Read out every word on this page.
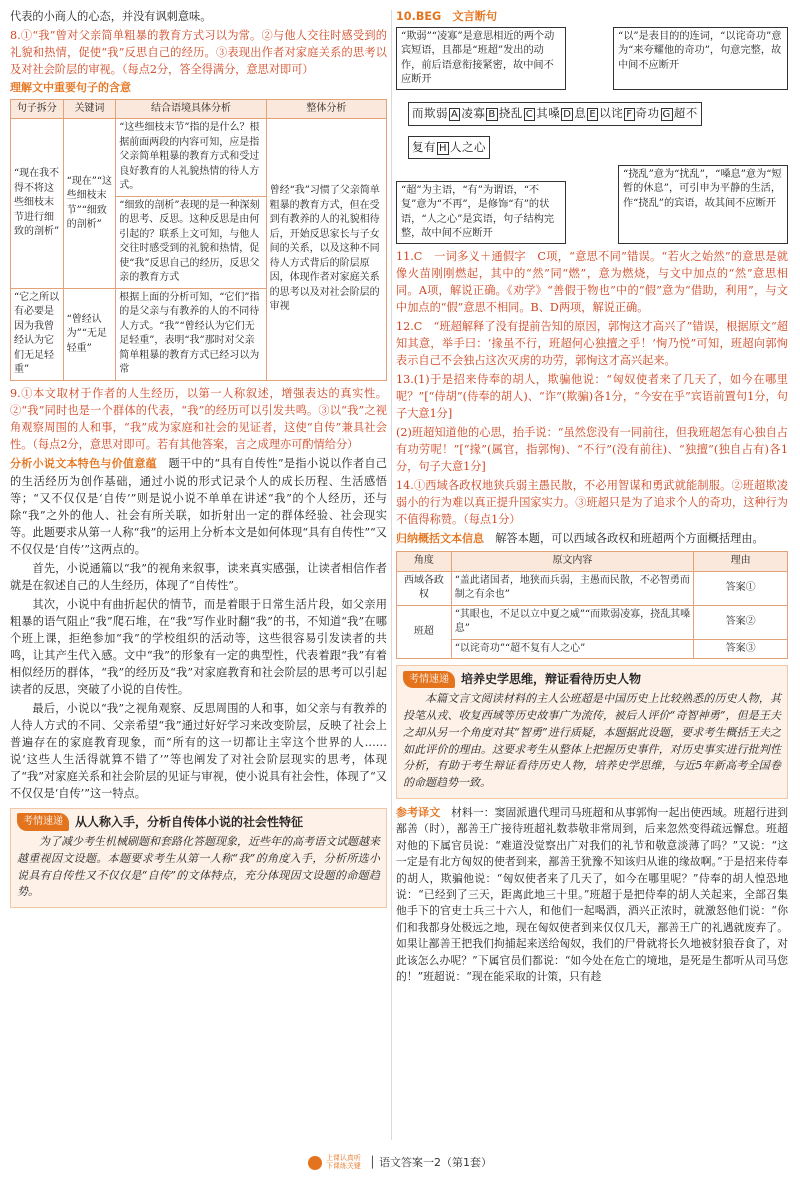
代表的小商人的心态，并没有讽刺意味。

8.①“我”曾对父亲简单粗暴的教育方式习以为常。②与他人交往时感受到的礼貌和热情，促使“我”反思自己的经历。③表现出作者对家庭关系的思考以及对社会阶层的审视。（每点2分，答全得满分，意思对即可）

理解文中重要句子的含意

句子拆分	关键词	结合语境具体分析	整体分析
“现在我不得不将这些细枝末节进行细致的剖析”	“现在”“这些细枝末节”“细致的剖析”	“这些细枝末节”指的是什么？根据前面两段的内容可知，应是指父亲简单粗暴的教育方式和受过良好教育的人礼貌热情的待人方式。	曾经“我”习惯了父亲简单粗暴的教育方式，但在受到有教养的人的礼貌相待后，开始反思家长与子女间的关系，以及这种不同待人方式背后的阶层原因，体现作者对家庭关系的思考以及对社会阶层的审视
		“细致的剖析”表现的是一种深刻的思考、反思。这种反思是由何引起的？联系上文可知，与他人交往时感受到的礼貌和热情，促使“我”反思自己的经历，反思父亲的教育方式	
“它之所以有必要是因为我曾经认为它们无足轻重”	“曾经认为”“无足轻重”	根据上面的分析可知，“它们”指的是父亲与有教养的人的不同待人方式。“我”“曾经认为它们无足轻重”，表明“我”那时对父亲简单粗暴的教育方式已经习以为常	

9.①本文取材于作者的人生经历，以第一人称叙述，增强表达的真实性。②“我”同时也是一个群体的代表，“我”的经历可以引发共鸣。③以“我”之视角观察周围的人和事，“我”成为家庭和社会的见证者，这使“自传”兼具社会性。（每点2分，意思对即可。若有其他答案，言之成理亦可酌情给分）

分析小说文本特色与价值意蕴　 题干中的“具有自传性”是指小说以作者自己的生活经历为创作基础，通过小说的形式记录个人的成长历程、生活感悟等；“又不仅仅是‘自传’”则是说小说不单单在讲述“我”的个人经历，还与除“我”之外的他人、社会有所关联，如折射出一定的群体经验、社会现实等。此题要求从第一人称“我”的运用上分析本文是如何体现“具有自传性”“又不仅仅是‘自传’”这两点的。

首先，小说通篇以“我”的视角来叙事，读来真实感强，让读者相信作者就是在叙述自己的人生经历，体现了“自传性”。

其次，小说中有曲折起伏的情节，而是着眼于日常生活片段，如父亲用粗暴的语气阻止“我”爬石堆，在“我”写作业时翻“我”的书，不知道“我”在哪个班上课，拒绝参加“我”的学校组织的活动等，这些很容易引发读者的共鸣，让其产生代入感。文中“我”的形象有一定的典型性，代表着跟“我”有着相似经历的群体，“我”的经历及“我”对家庭教育和社会阶层的思考可以引起读者的反思，突破了小说的自传性。

最后，小说以“我”之视角观察、反思周围的人和事，如父亲与有教养的人待人方式的不同、父亲希望“我”通过好好学习来改变阶层，反映了社会上普遍存在的家庭教育现象，而“所有的这一切都让主宰这个世界的人……说‘这些人生活得就算不错了’”等也阐发了对社会阶层现实的思考，体现了“我”对家庭关系和社会阶层的见证与审视，使小说具有社会性，体现了“又不仅仅是‘自传’”这一特点。

考情速递	从人称入手，分析自传体小说的社会性特征

为了减少考生机械刷题和套路化答题现象，近些年的高考语文试题越来越重视因文设题。本题要求考生从第一人称“我”的角度入手，分析所选小说具有自传性又不仅仅是“自传”的文体特点，充分体现因文设题的命题趋势。

10.BEG　文言断句

“欺弱”“凌寡”是意思相近的两个动宾短语，且都是“班超”发出的动作，前后语意衔接紧密，故中间不应断开
“以”是表目的的连词，“以诧奇功”意为“来夸耀他的奇功”，句意完整，故中间不应断开
而欺弱 A 凌寡 B 挠乱 C 其嗓 D 息 E 以诧 F 奇功 G 超不
复有 H 人之心
“超”为主语，“有”为谓语，“不复”意为“不再”，是修饰“有”的状语，“人之心”是宾语，句子结构完整，故中间不应断开
“挠乱”意为“扰乱”，“嗓息”意为“短暂的休息”，可引申为平静的生活，作“挠乱”的宾语，故其间不应断开

11.C　一词多义＋通假字　C项，“意思不同”错误。“若火之始然”的意思是就像火苗刚刚燃起，其中的“然”同“燃”，意为燃烧，与文中加点的“然”意思相同。A项，解说正确。《劝学》“善假于物也”中的“假”意为“借助，利用”，与文中加点的“假”意思不相同。B、D两项，解说正确。

12.C　“班超解释了没有提前告知的原因，郭恂这才高兴了”错误，根据原文“超知其意，举手曰：‘掾虽不行，班超何心独擅之乎！’恂乃悦”可知，班超向郭恂表示自己不会独占这次灭虏的功劳，郭恂这才高兴起来。

13.(1)于是招来侍奉的胡人，欺骗他说：“匈奴使者来了几天了，如今在哪里呢？”[“侍胡”(侍奉的胡人)、“诈”(欺骗)各1分，“今安在乎”宾语前置句1分，句子大意1分]

(2)班超知道他的心思，抬手说：“虽然您没有一同前往，但我班超怎有心独自占有功劳呢！”[“掾”(属官，指郭恂)、“不行”(没有前往)、“独擅”(独自占有)各1分，句子大意1分]

14.①西域各政权地狭兵弱主愚民散，不必用智谋和勇武就能制服。②班超欺凌弱小的行为难以真正提升国家实力。③班超只是为了追求个人的奇功，这种行为不值得称赞。（每点1分）

归纳概括文本信息　 解答本题，可以西域各政权和班超两个方面概括理由。

角度	原文内容	理由
西域各政权	“盖此诸国者，地狭而兵弱，主愚而民散，不必智勇而制之有余也”	答案①
班超	“其眼也，不足以立中夏之威”“而欺弱凌寡，挠乱其嗓息”	答案②
	“以诧奇功”“超不复有人之心”	答案③
考情速递	培养史学思维，辩证看待历史人物

本篇文言文阅读材料的主人公班超是中国历史上比较熟悉的历史人物，其投笔从戎、收复西域等历史故事广为流传，被后人评价“奇智神勇”，但是王夫之却从另一个角度对其“智勇”进行质疑，本题据此设题，要求考生概括王夫之如此评价的理由。这要求考生从整体上把握历史事件，对历史事实进行批判性分析，有助于考生辩证看待历史人物，培养史学思维，与近5年新高考全国卷的命题趋势一致。

参考译文　 材料一：窦固派遣代理司马班超和从事郭恂一起出使西域。班超行进到鄯善（时），鄯善王广接待班超礼数恭敬非常周到，后来忽然变得疏远懈怠。班超对他的下属官员说：“难道没觉察出广对我们的礼节和敬意淡薄了吗？”又说：“这一定是有北方匈奴的使者到来，鄯善王犹豫不知该归从谁的缘故啊。”于是招来侍奉的胡人，欺骗他说：“匈奴使者来了几天了，如今在哪里呢？”侍奉的胡人惶恐地说：“已经到了三天，距离此地三十里。”班超于是把侍奉的胡人关起来，全部召集他手下的官吏士兵三十六人，和他们一起喝酒，酒兴正浓时，就激怒他们说：“你们和我都身处极远之地，现在匈奴使者到来仅仅几天，鄯善王广的礼遇就废弃了。如果让鄯善王把我们拘捕起来送给匈奴，我们的尸骨就将长久地被豺狼吞食了，对此该怎么办呢？”下属官员们都说：“如今处在危亡的境地，是死是生都听从司马您的！”班超说：“现在能采取的计策，只有趁

上课认真听
下课练关键 │ 语文答案一2（第1套）
